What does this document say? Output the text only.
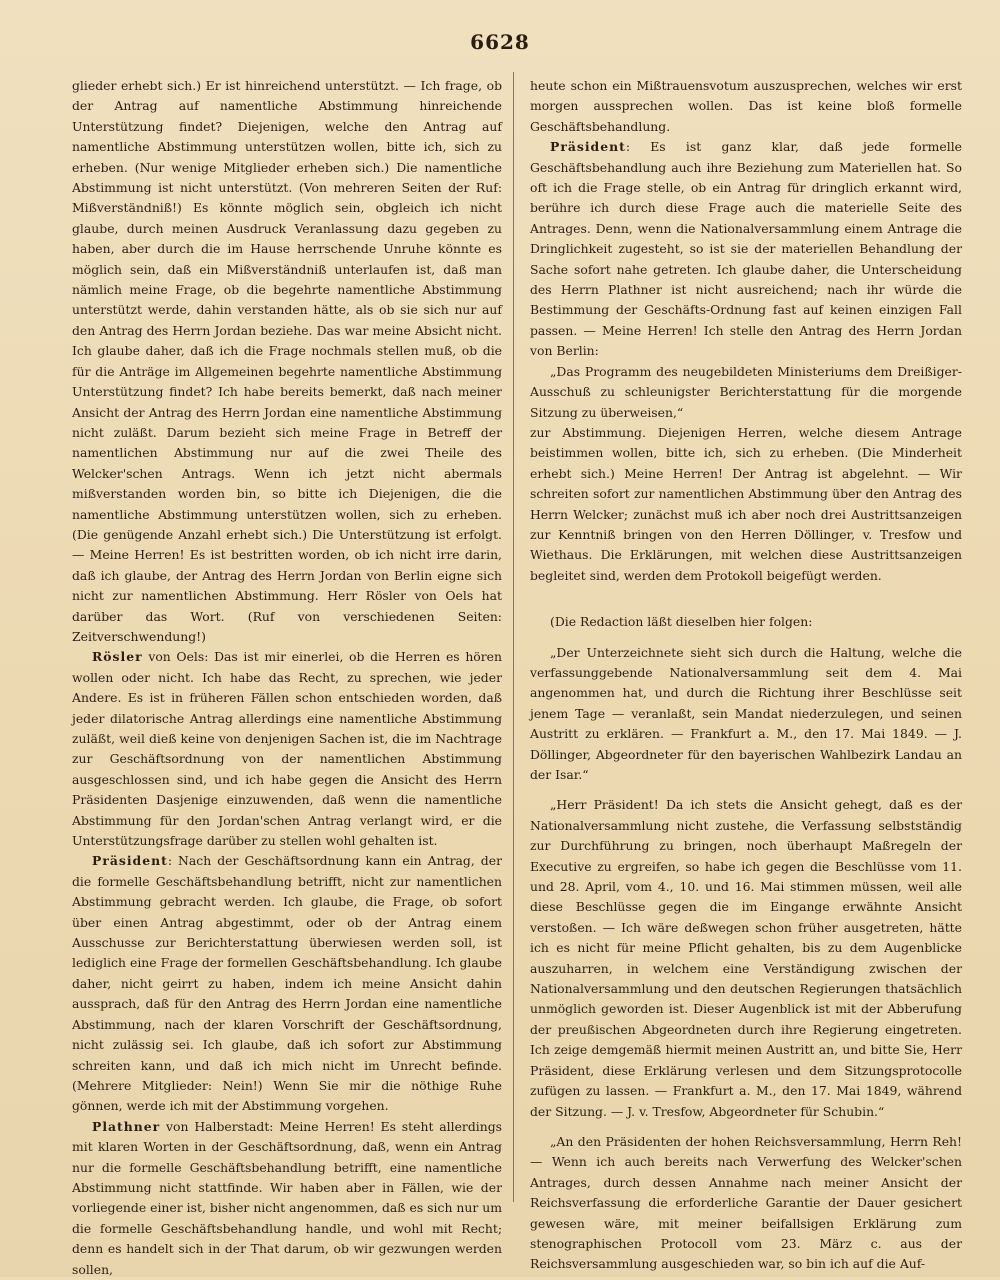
6628

glieder erhebt sich.) Er ist hinreichend unterstützt. — Ich frage, ob der Antrag auf namentliche Abstimmung hinreichende Unterstützung findet? Diejenigen, welche den Antrag auf namentliche Abstimmung unterstützen wollen, bitte ich, sich zu erheben. (Nur wenige Mitglieder erheben sich.) Die namentliche Abstimmung ist nicht unterstützt. (Von mehreren Seiten der Ruf: Mißverständniß!) Es könnte möglich sein, obgleich ich nicht glaube, durch meinen Ausdruck Veranlassung dazu gegeben zu haben, aber durch die im Hause herrschende Unruhe könnte es möglich sein, daß ein Mißverständniß unterlaufen ist, daß man nämlich meine Frage, ob die begehrte namentliche Abstimmung unterstützt werde, dahin verstanden hätte, als ob sie sich nur auf den Antrag des Herrn Jordan beziehe. Das war meine Absicht nicht. Ich glaube daher, daß ich die Frage nochmals stellen muß, ob die für die Anträge im Allgemeinen begehrte namentliche Abstimmung Unterstützung findet? Ich habe bereits bemerkt, daß nach meiner Ansicht der Antrag des Herrn Jordan eine namentliche Abstimmung nicht zuläßt. Darum bezieht sich meine Frage in Betreff der namentlichen Abstimmung nur auf die zwei Theile des Welcker'schen Antrags. Wenn ich jetzt nicht abermals mißverstanden worden bin, so bitte ich Diejenigen, die die namentliche Abstimmung unterstützen wollen, sich zu erheben. (Die genügende Anzahl erhebt sich.) Die Unterstützung ist erfolgt. — Meine Herren! Es ist bestritten worden, ob ich nicht irre darin, daß ich glaube, der Antrag des Herrn Jordan von Berlin eigne sich nicht zur namentlichen Abstimmung. Herr Rösler von Oels hat darüber das Wort. (Ruf von verschiedenen Seiten: Zeitverschwendung!)

Rösler von Oels: Das ist mir einerlei, ob die Herren es hören wollen oder nicht. Ich habe das Recht, zu sprechen, wie jeder Andere. Es ist in früheren Fällen schon entschieden worden, daß jeder dilatorische Antrag allerdings eine namentliche Abstimmung zuläßt, weil dieß keine von denjenigen Sachen ist, die im Nachtrage zur Geschäftsordnung von der namentlichen Abstimmung ausgeschlossen sind, und ich habe gegen die Ansicht des Herrn Präsidenten Dasjenige einzuwenden, daß wenn die namentliche Abstimmung für den Jordan'schen Antrag verlangt wird, er die Unterstützungsfrage darüber zu stellen wohl gehalten ist.

Präsident: Nach der Geschäftsordnung kann ein Antrag, der die formelle Geschäftsbehandlung betrifft, nicht zur namentlichen Abstimmung gebracht werden. Ich glaube, die Frage, ob sofort über einen Antrag abgestimmt, oder ob der Antrag einem Ausschusse zur Berichterstattung überwiesen werden soll, ist lediglich eine Frage der formellen Geschäftsbehandlung. Ich glaube daher, nicht geirrt zu haben, indem ich meine Ansicht dahin aussprach, daß für den Antrag des Herrn Jordan eine namentliche Abstimmung, nach der klaren Vorschrift der Geschäftsordnung, nicht zulässig sei. Ich glaube, daß ich sofort zur Abstimmung schreiten kann, und daß ich mich nicht im Unrecht befinde. (Mehrere Mitglieder: Nein!) Wenn Sie mir die nöthige Ruhe gönnen, werde ich mit der Abstimmung vorgehen.

Plathner von Halberstadt: Meine Herren! Es steht allerdings mit klaren Worten in der Geschäftsordnung, daß, wenn ein Antrag nur die formelle Geschäftsbehandlung betrifft, eine namentliche Abstimmung nicht stattfinde. Wir haben aber in Fällen, wie der vorliegende einer ist, bisher nicht angenommen, daß es sich nur um die formelle Geschäftsbehandlung handle, und wohl mit Recht; denn es handelt sich in der That darum, ob wir gezwungen werden sollen,

heute schon ein Mißtrauensvotum auszusprechen, welches wir erst morgen aussprechen wollen. Das ist keine bloß formelle Geschäftsbehandlung.

Präsident: Es ist ganz klar, daß jede formelle Geschäftsbehandlung auch ihre Beziehung zum Materiellen hat. So oft ich die Frage stelle, ob ein Antrag für dringlich erkannt wird, berühre ich durch diese Frage auch die materielle Seite des Antrages. Denn, wenn die Nationalversammlung einem Antrage die Dringlichkeit zugesteht, so ist sie der materiellen Behandlung der Sache sofort nahe getreten. Ich glaube daher, die Unterscheidung des Herrn Plathner ist nicht ausreichend; nach ihr würde die Bestimmung der Geschäfts-Ordnung fast auf keinen einzigen Fall passen. — Meine Herren! Ich stelle den Antrag des Herrn Jordan von Berlin:

„Das Programm des neugebildeten Ministeriums dem Dreißiger-Ausschuß zu schleunigster Berichterstattung für die morgende Sitzung zu überweisen,“

zur Abstimmung. Diejenigen Herren, welche diesem Antrage beistimmen wollen, bitte ich, sich zu erheben. (Die Minderheit erhebt sich.) Meine Herren! Der Antrag ist abgelehnt. — Wir schreiten sofort zur namentlichen Abstimmung über den Antrag des Herrn Welcker; zunächst muß ich aber noch drei Austrittsanzeigen zur Kenntniß bringen von den Herren Döllinger, v. Tresfow und Wiethaus. Die Erklärungen, mit welchen diese Austrittsanzeigen begleitet sind, werden dem Protokoll beigefügt werden.

(Die Redaction läßt dieselben hier folgen:

„Der Unterzeichnete sieht sich durch die Haltung, welche die verfassunggebende Nationalversammlung seit dem 4. Mai angenommen hat, und durch die Richtung ihrer Beschlüsse seit jenem Tage — veranlaßt, sein Mandat niederzulegen, und seinen Austritt zu erklären. — Frankfurt a. M., den 17. Mai 1849. — J. Döllinger, Abgeordneter für den bayerischen Wahlbezirk Landau an der Isar.“

„Herr Präsident! Da ich stets die Ansicht gehegt, daß es der Nationalversammlung nicht zustehe, die Verfassung selbstständig zur Durchführung zu bringen, noch überhaupt Maßregeln der Executive zu ergreifen, so habe ich gegen die Beschlüsse vom 11. und 28. April, vom 4., 10. und 16. Mai stimmen müssen, weil alle diese Beschlüsse gegen die im Eingange erwähnte Ansicht verstoßen. — Ich wäre deßwegen schon früher ausgetreten, hätte ich es nicht für meine Pflicht gehalten, bis zu dem Augenblicke auszuharren, in welchem eine Verständigung zwischen der Nationalversammlung und den deutschen Regierungen thatsächlich unmöglich geworden ist. Dieser Augenblick ist mit der Abberufung der preußischen Abgeordneten durch ihre Regierung eingetreten. Ich zeige demgemäß hiermit meinen Austritt an, und bitte Sie, Herr Präsident, diese Erklärung verlesen und dem Sitzungsprotocolle zufügen zu lassen. — Frankfurt a. M., den 17. Mai 1849, während der Sitzung. — J. v. Tresfow, Abgeordneter für Schubin.“

„An den Präsidenten der hohen Reichsversammlung, Herrn Reh! — Wenn ich auch bereits nach Verwerfung des Welcker'schen Antrages, durch dessen Annahme nach meiner Ansicht der Reichsverfassung die erforderliche Garantie der Dauer gesichert gewesen wäre, mit meiner beifallsigen Erklärung zum stenographischen Protocoll vom 23. März c. aus der Reichsversammlung ausgeschieden war, so bin ich auf die Auf-
